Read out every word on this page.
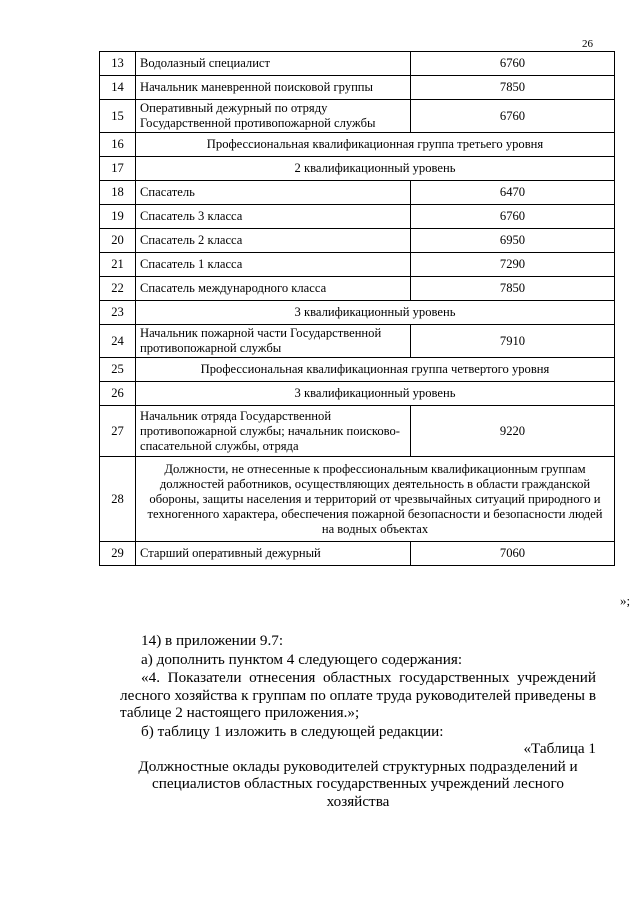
26
13	Водолазный специалист	6760
14	Начальник маневренной поисковой группы	7850
15	Оперативный дежурный по отряду Государственной противопожарной службы	6760
16	Профессиональная квалификационная группа третьего уровня	
17	2 квалификационный уровень	
18	Спасатель	6470
19	Спасатель 3 класса	6760
20	Спасатель 2 класса	6950
21	Спасатель 1 класса	7290
22	Спасатель международного класса	7850
23	3 квалификационный уровень	
24	Начальник пожарной части Государственной противопожарной службы	7910
25	Профессиональная квалификационная группа четвертого уровня	
26	3 квалификационный уровень	
27	Начальник отряда Государственной противопожарной службы; начальник поисково-спасательной службы, отряда	9220
28	Должности, не отнесенные к профессиональным квалификационным группам должностей работников, осуществляющих деятельность в области гражданской обороны, защиты населения и территорий от чрезвычайных ситуаций природного и техногенного характера, обеспечения пожарной безопасности и безопасности людей на водных объектах	
29	Старший оперативный дежурный	7060
»;
14) в приложении 9.7:
а) дополнить пунктом 4 следующего содержания:
«4. Показатели отнесения областных государственных учреждений лесного хозяйства к группам по оплате труда руководителей приведены в таблице 2 настоящего приложения.»;
б) таблицу 1 изложить в следующей редакции:
«Таблица 1
Должностные оклады руководителей структурных подразделений и специалистов областных государственных учреждений лесного хозяйства
